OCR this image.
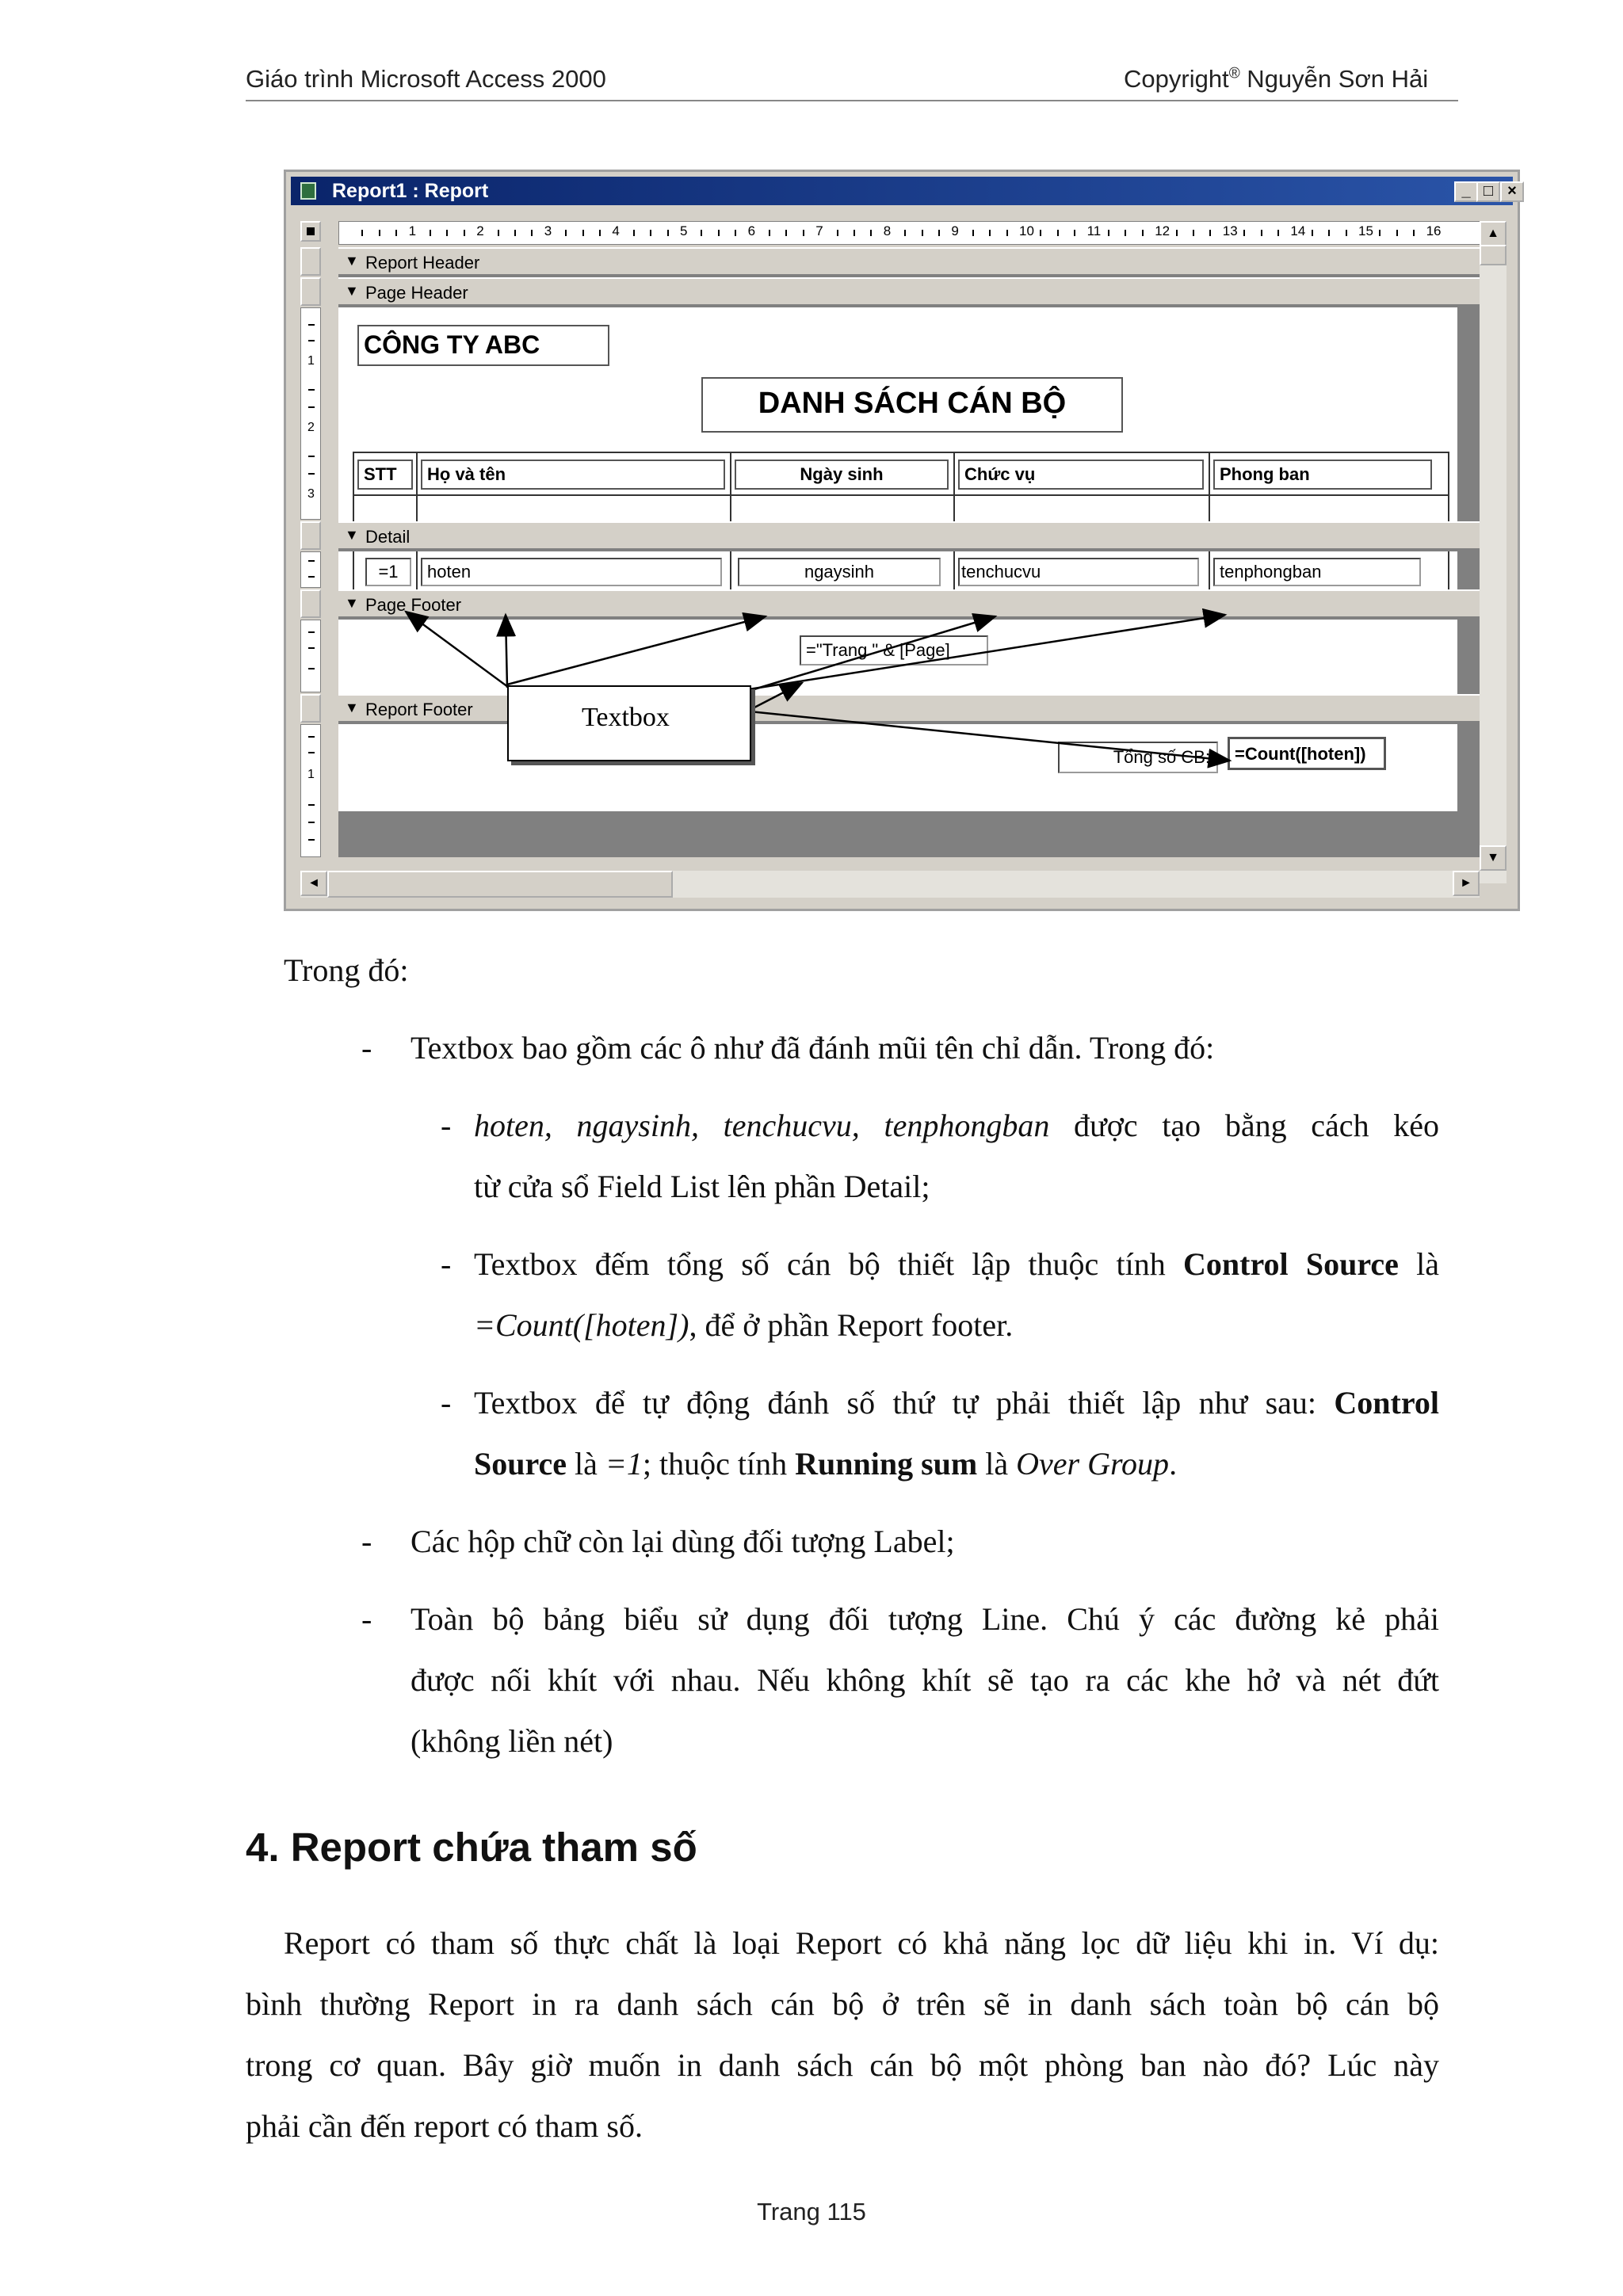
Giáo trình Microsoft Access 2000	Copyright® Nguyễn Sơn Hải
Report1 : Report	_ □ ×
1	2	3	4	5	6	7	8	9	10	11	12	13	14	15	16
1
2
3
1
▼ Report Header
▼ Page Header
CÔNG TY ABC
DANH SÁCH CÁN BỘ
STT	Họ và tên	Ngày sinh	Chức vụ	Phong ban
▼ Detail
=1	hoten	ngaysinh	tenchucvu	tenphongban
▼ Page Footer
="Trang " & [Page]
▼ Report Footer
Tổng số CB:	=Count([hoten])
▲
▼
◄	►
Textbox
Trong đó:
- Textbox bao gồm các ô như đã đánh mũi tên chỉ dẫn. Trong đó:
- hoten, ngaysinh, tenchucvu, tenphongban được tạo bằng cách kéo
từ cửa sổ Field List lên phần Detail;
- Textbox đếm tổng số cán bộ thiết lập thuộc tính Control Source là
=Count([hoten]), để ở phần Report footer.
- Textbox để tự động đánh số thứ tự phải thiết lập như sau: Control
Source là =1; thuộc tính Running sum là Over Group.
- Các hộp chữ còn lại dùng đối tượng Label;
- Toàn bộ bảng biểu sử dụng đối tượng Line. Chú ý các đường kẻ phải
được nối khít với nhau. Nếu không khít sẽ tạo ra các khe hở và nét đứt
(không liền nét)
4. Report chứa tham số
Report có tham số thực chất là loại Report có khả năng lọc dữ liệu khi in. Ví dụ:
bình thường Report in ra danh sách cán bộ ở trên sẽ in danh sách toàn bộ cán bộ
trong cơ quan. Bây giờ muốn in danh sách cán bộ một phòng ban nào đó? Lúc này
phải cần đến report có tham số.
Trang 115
